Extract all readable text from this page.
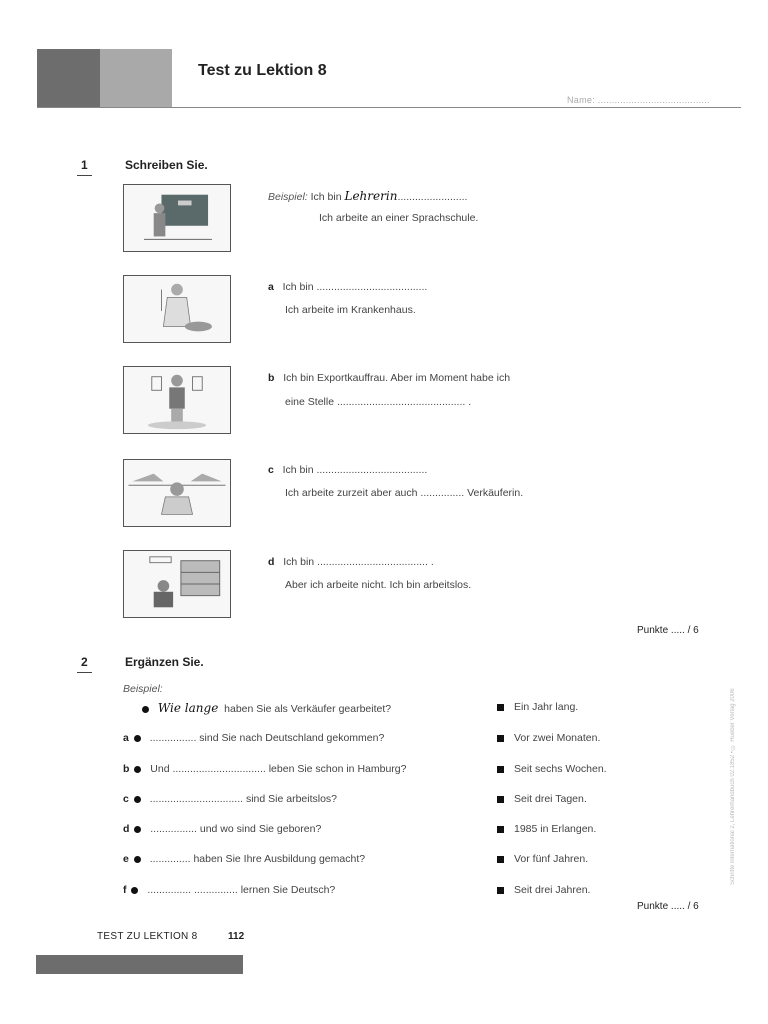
Test zu Lektion 8
Name: ........................................
1	Schreiben Sie.
Beispiel: Ich bin Lehrerin........................
Ich arbeite an einer Sprachschule.
a Ich bin ......................................
Ich arbeite im Krankenhaus.
b Ich bin Exportkauffrau. Aber im Moment habe ich
eine Stelle ............................................ .
c Ich bin ......................................
Ich arbeite zurzeit aber auch ............... Verkäuferin.
d Ich bin ...................................... .
Aber ich arbeite nicht. Ich bin arbeitslos.
Punkte ..... / 6
2	Ergänzen Sie.
Beispiel:
Wie lange haben Sie als Verkäufer gearbeitet?	Ein Jahr lang.
a ................ sind Sie nach Deutschland gekommen?	Vor zwei Monaten.
b Und ................................ leben Sie schon in Hamburg?	Seit sechs Wochen.
c ................................ sind Sie arbeitslos?	Seit drei Tagen.
d ................ und wo sind Sie geboren?	1985 in Erlangen.
e .............. haben Sie Ihre Ausbildung gemacht?	Vor fünf Jahren.
f ............... ............... lernen Sie Deutsch?	Seit drei Jahren.
Punkte ..... / 6
Schritte international 2, Lehrerhandbuch 02.1852 • © Hueber Verlag 2006
TEST ZU LEKTION 8	112
